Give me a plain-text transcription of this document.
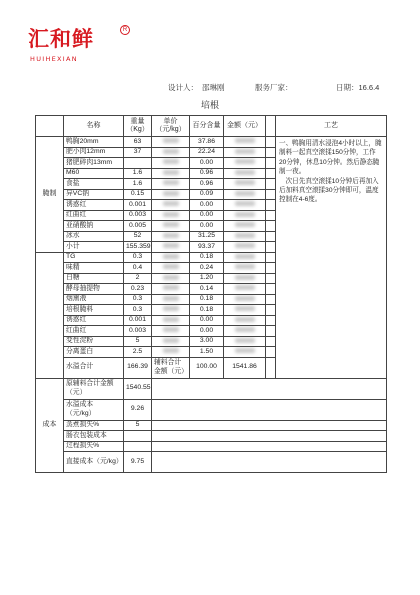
汇和鲜
HUIHEXIAN
R
设计人： 邵琳刚	服务厂家：	日期：16.6.4
培根
	名称	重量（Kg）	单价（元/kg）	百分含量	金额（元）		工艺
腌制	鸭胸20mm	63		37.86			一、鸭胸用清水浸泡4小时以上，腌制料一起真空滚揉150分钟，工作20分钟，休息10分钟。然后静态腌制一夜。
　次日先真空滚揉10分钟后再加入后加料真空滚揉30分钟即可，温度控制在4-6度。
	肥小肉12mm	37		22.24			
	猪肥碎肉13mm			0.00			
	M60	1.6		0.96			
	食盐	1.6		0.96			
	异VC钠	0.15		0.09			
	诱惑红	0.001		0.00			
	红曲红	0.003		0.00			
	亚硝酸钠	0.005		0.00			
	冰水	52		31.25			
	小计	155.359		93.37			
	TG	0.3		0.18			
	味精	0.4		0.24			
	白糖	2		1.20			
	酵母抽提物	0.23		0.14			
	烟熏液	0.3		0.18			
	培根腌料	0.3		0.18			
	诱惑红	0.001		0.00			
	红曲红	0.003		0.00			
	变性淀粉	5		3.00			
	分离蛋白	2.5		1.50			
	水溢合计	166.39	辅料合计金额（元）	100.00	1541.86		
成本	原辅料合计金额（元）	1540.55					
	水溢成本 （元/kg）	9.26					
	蒸煮损失%	5					
	肠衣包装成本						
	过程损失%						
	直接成本（元/kg）	9.75					
